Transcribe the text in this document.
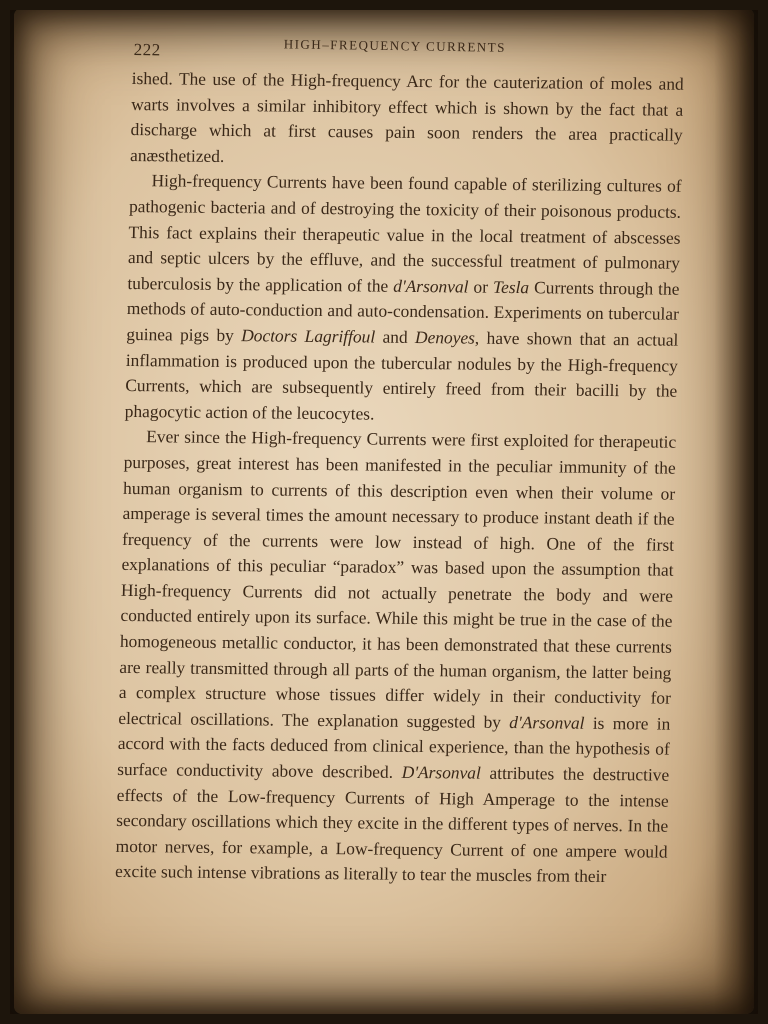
222	HIGH–FREQUENCY CURRENTS

ished. The use of the High-frequency Arc for the cauterization of moles and warts involves a similar inhibitory effect which is shown by the fact that a discharge which at first causes pain soon renders the area practically anæsthetized.

High-frequency Currents have been found capable of sterilizing cultures of pathogenic bacteria and of destroying the toxicity of their poisonous products. This fact explains their therapeutic value in the local treatment of abscesses and septic ulcers by the effluve, and the successful treatment of pulmonary tuberculosis by the application of the d'Arsonval or Tesla Currents through the methods of auto-conduction and auto-condensation. Experiments on tubercular guinea pigs by Doctors Lagriffoul and Denoyes, have shown that an actual inflammation is produced upon the tubercular nodules by the High-frequency Currents, which are subsequently entirely freed from their bacilli by the phagocytic action of the leucocytes.

Ever since the High-frequency Currents were first exploited for therapeutic purposes, great interest has been manifested in the peculiar immunity of the human organism to currents of this description even when their volume or amperage is several times the amount necessary to produce instant death if the frequency of the currents were low instead of high. One of the first explanations of this peculiar “paradox” was based upon the assumption that High-frequency Currents did not actually penetrate the body and were conducted entirely upon its surface. While this might be true in the case of the homogeneous metallic conductor, it has been demonstrated that these currents are really transmitted through all parts of the human organism, the latter being a complex structure whose tissues differ widely in their conductivity for electrical oscillations. The explanation suggested by d'Arsonval is more in accord with the facts deduced from clinical experience, than the hypothesis of surface conductivity above described. D'Arsonval attributes the destructive effects of the Low-frequency Currents of High Amperage to the intense secondary oscillations which they excite in the different types of nerves. In the motor nerves, for example, a Low-frequency Current of one ampere would excite such intense vibrations as literally to tear the muscles from their
